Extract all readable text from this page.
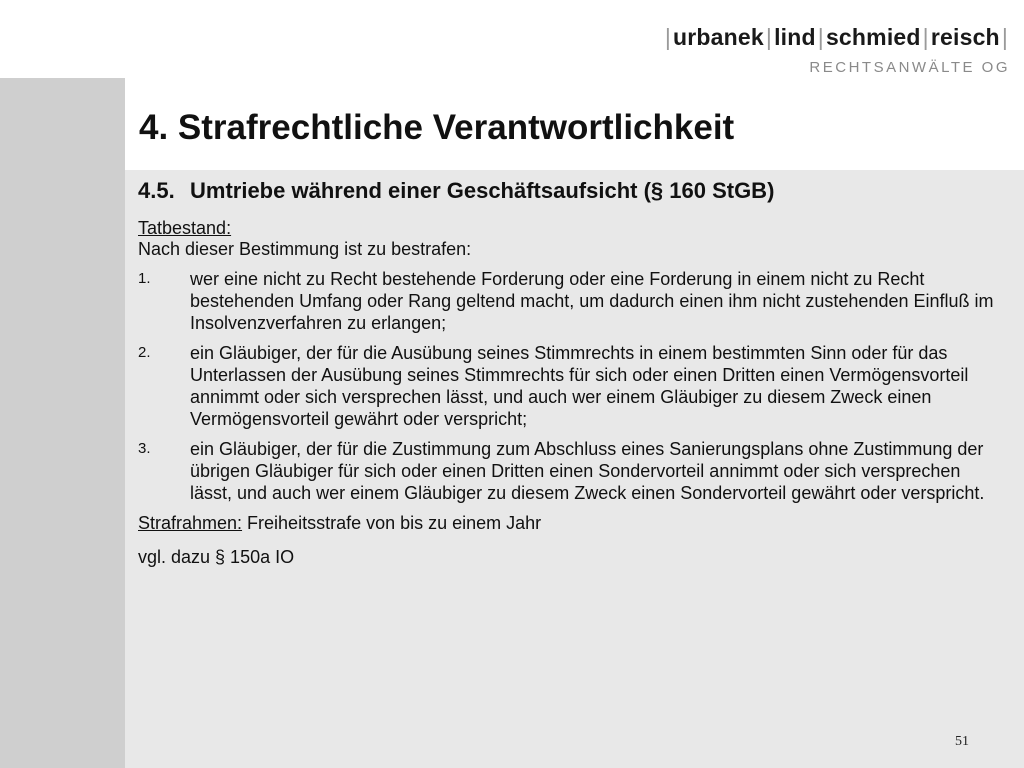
|urbanek|lind|schmied|reisch|
RECHTSANWÄLTE OG
4. Strafrechtliche Verantwortlichkeit
4.5. Umtriebe während einer Geschäftsaufsicht (§ 160 StGB)

Tatbestand:

Nach dieser Bestimmung ist zu bestrafen:

1.	wer eine nicht zu Recht bestehende Forderung oder eine Forderung in einem nicht zu Recht bestehenden Umfang oder Rang geltend macht, um dadurch einen ihm nicht zustehenden Einfluß im Insolvenzverfahren zu erlangen;
2.	ein Gläubiger, der für die Ausübung seines Stimmrechts in einem bestimmten Sinn oder für das Unterlassen der Ausübung seines Stimmrechts für sich oder einen Dritten einen Vermögensvorteil annimmt oder sich versprechen lässt, und auch wer einem Gläubiger zu diesem Zweck einen Vermögensvorteil gewährt oder verspricht;
3.	ein Gläubiger, der für die Zustimmung zum Abschluss eines Sanierungsplans ohne Zustimmung der übrigen Gläubiger für sich oder einen Dritten einen Sondervorteil annimmt oder sich versprechen lässt, und auch wer einem Gläubiger zu diesem Zweck einen Sondervorteil gewährt oder verspricht.

Strafrahmen: Freiheitsstrafe von bis zu einem Jahr

vgl. dazu § 150a IO

51
